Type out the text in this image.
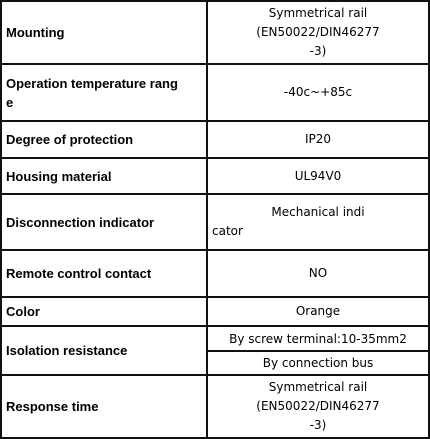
Mounting	Symmetrical rail (EN50022/DIN46277
-3)

Operation temperature rang
e	-40c~+85c
Degree of protection	IP20
Housing material	UL94V0
Disconnection indicator	Mechanical indi
cator

Remote control contact	NO
Color	Orange
Isolation resistance	By screw terminal:10-35mm2
	By connection bus
Response time	Symmetrical rail (EN50022/DIN46277
-3)
